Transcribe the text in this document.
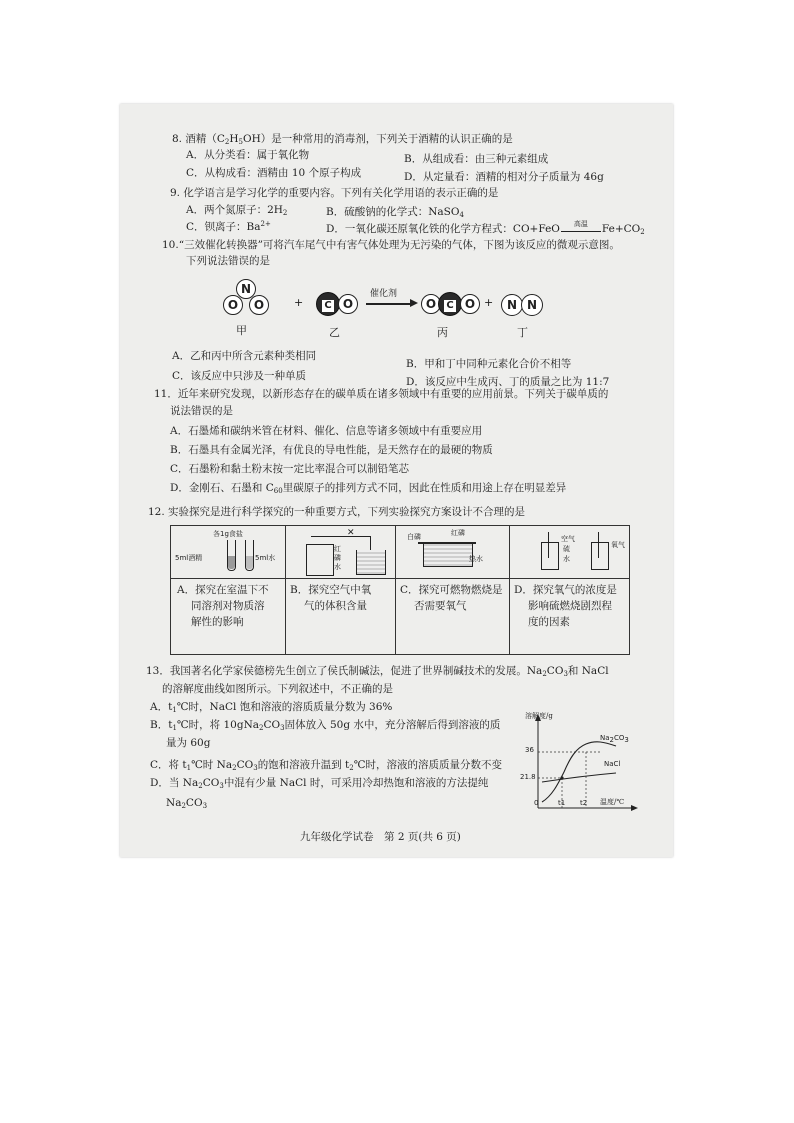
8. 酒精$(C_2H_5OH)$是一种常用的消毒剂，下列关于酒精的认识正确的是
A．从分类看：属于氧化物	B．从组成看：由三种元素组成
C．从构成看：酒精由 10 个原子构成	D．从定量看：酒精的相对分子质量为 46g
9. 化学语言是学习化学的重要内容。下列有关化学用语的表示正确的是
A．两个氮原子：$2H_2$	B．硫酸钠的化学式：NaSO$_4$
C．钡离子：$Ba^{2+}$	D．一氧化碳还原氧化铁的化学方程式：CO+FeO	高温	$Fe+CO_2$
10.“三效催化转换器”可将汽车尾气中有害气体处理为无污染的气体，下图为该反应的微观示意图。
下列说法错误的是
N
O	O	+	C O
催化剂
O	C O +	N N
甲	乙	丙	丁
A．乙和丙中所含元素种类相同
B．甲和丁中同种元素化合价不相等
C．该反应中只涉及一种单质	D．该反应中生成丙、丁的质量之比为 11:7
11．近年来研究发现，以新形态存在的碳单质在诸多领域中有重要的应用前景。下列关于碳单质的
说法错误的是
A．石墨烯和碳纳米管在材料、催化、信息等诸多领域中有重要应用
B．石墨具有金属光泽，有优良的导电性能，是天然存在的最硬的物质
C．石墨粉和黏土粉末按一定比率混合可以制铅笔芯
D．金刚石、石墨和 $C_{60}$里碳原子的排列方式不同，因此在性质和用途上存在明显差异
12. 实验探究是进行科学探究的一种重要方式，下列实验探究方案设计不合理的是
各1g食盐
5ml酒精	5ml水
✕
红
磷
水
白磷	红磷
热水
空气
硫
水
氧气
A．探究在室温下不
同溶剂对物质溶
解性的影响
B．探究空气中氧
气的体积含量
C．探究可燃物燃烧是
否需要氧气
D．探究氧气的浓度是
影响硫燃烧剧烈程
度的因素
13．我国著名化学家侯德榜先生创立了侯氏制碱法，促进了世界制碱技术的发展。$Na_2CO_3$和 NaCl
的溶解度曲线如图所示。下列叙述中，不正确的是
A．$t_1℃$时，NaCl 饱和溶液的溶质质量分数为 36%
B．$t_1℃$时，将 $10gNa_2CO_3$固体放入 50g 水中，充分溶解后得到溶液的质
量为 60g
C．将 $t_1℃$时 $Na_2CO_3$的饱和溶液升温到 $t_2℃$时，溶液的溶质质量分数不变
D．当 $Na_2CO_3$中混有少量 NaCl 时，可采用冷却热饱和溶液的方法提纯
$Na_2CO_3$
溶解度/g
温度/℃
36
21.8
0	t1 t2
$Na_2CO_3$
NaCl
九年级化学试卷　第 2 页(共 6 页)
